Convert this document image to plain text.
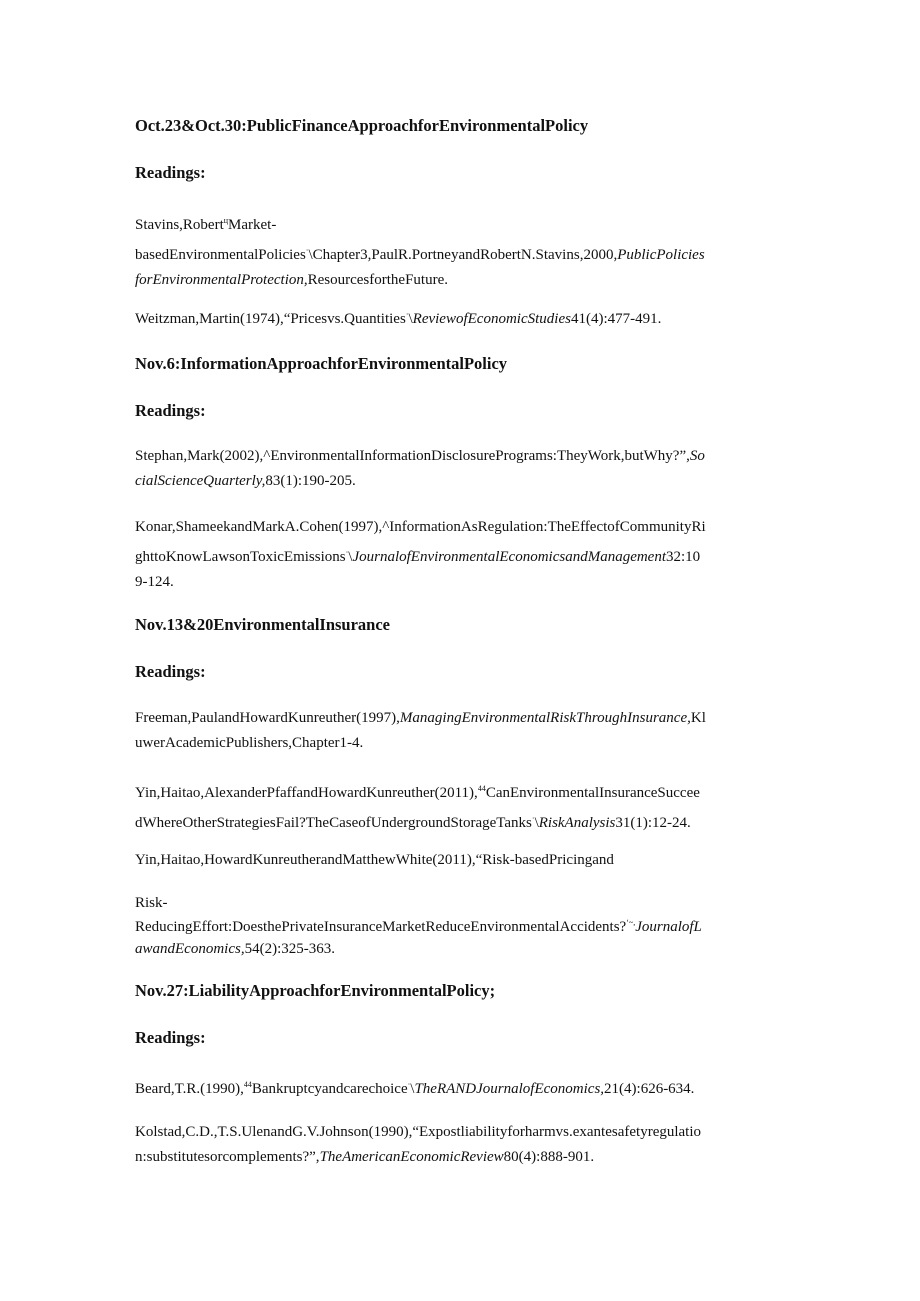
Oct.23&Oct.30:PublicFinanceApproachforEnvironmentalPolicy
Readings:
Stavins,Robert$^ц$Market-
basedEnvironmentalPolicies·\Chapter3,PaulR.PortneyandRobertN.Stavins,2000,PublicPolicies
forEnvironmentalProtection,ResourcesfortheFuture.
Weitzman,Martin(1974),“Pricesvs.Quantities·\ReviewofEconomicStudies41(4):477-491.
Nov.6:InformationApproachforEnvironmentalPolicy
Readings:
Stephan,Mark(2002),^EnvironmentalInformationDisclosurePrograms:TheyWork,butWhy?”,So
cialScienceQuarterly,83(1):190-205.
Konar,ShameekandMarkA.Cohen(1997),^InformationAsRegulation:TheEffectofCommunityRi
ghttoKnowLawsonToxicEmissions·\JournalofEnvironmentalEconomicsandManagement32:10
9-124.
Nov.13&20EnvironmentalInsurance
Readings:
Freeman,PaulandHowardKunreuther(1997),ManagingEnvironmentalRiskThroughInsurance,Kl
uwerAcademicPublishers,Chapter1-4.
Yin,Haitao,AlexanderPfaffandHowardKunreuther(2011),$^{44}$CanEnvironmentalInsuranceSuccee
dWhereOtherStrategiesFail?TheCaseofUndergroundStorageTanks·\RiskAnalysis31(1):12-24.
Yin,Haitao,HowardKunreutherandMatthewWhite(2011),“Risk-basedPricingand
Risk-
ReducingEffort:DoesthePrivateInsuranceMarketReduceEnvironmentalAccidents?‘~,JournalofL
awandEconomics,54(2):325-363.
Nov.27:LiabilityApproachforEnvironmentalPolicy;
Readings:
Beard,T.R.(1990),$^{44}$Bankruptcyandcarechoice·\TheRANDJournalofEconomics,21(4):626-634.
Kolstad,C.D.,T.S.UlenandG.V.Johnson(1990),“Expostliabilityforharmvs.exantesafetyregulatio
n:substitutesorcomplements?”,TheAmericanEconomicReview80(4):888-901.
